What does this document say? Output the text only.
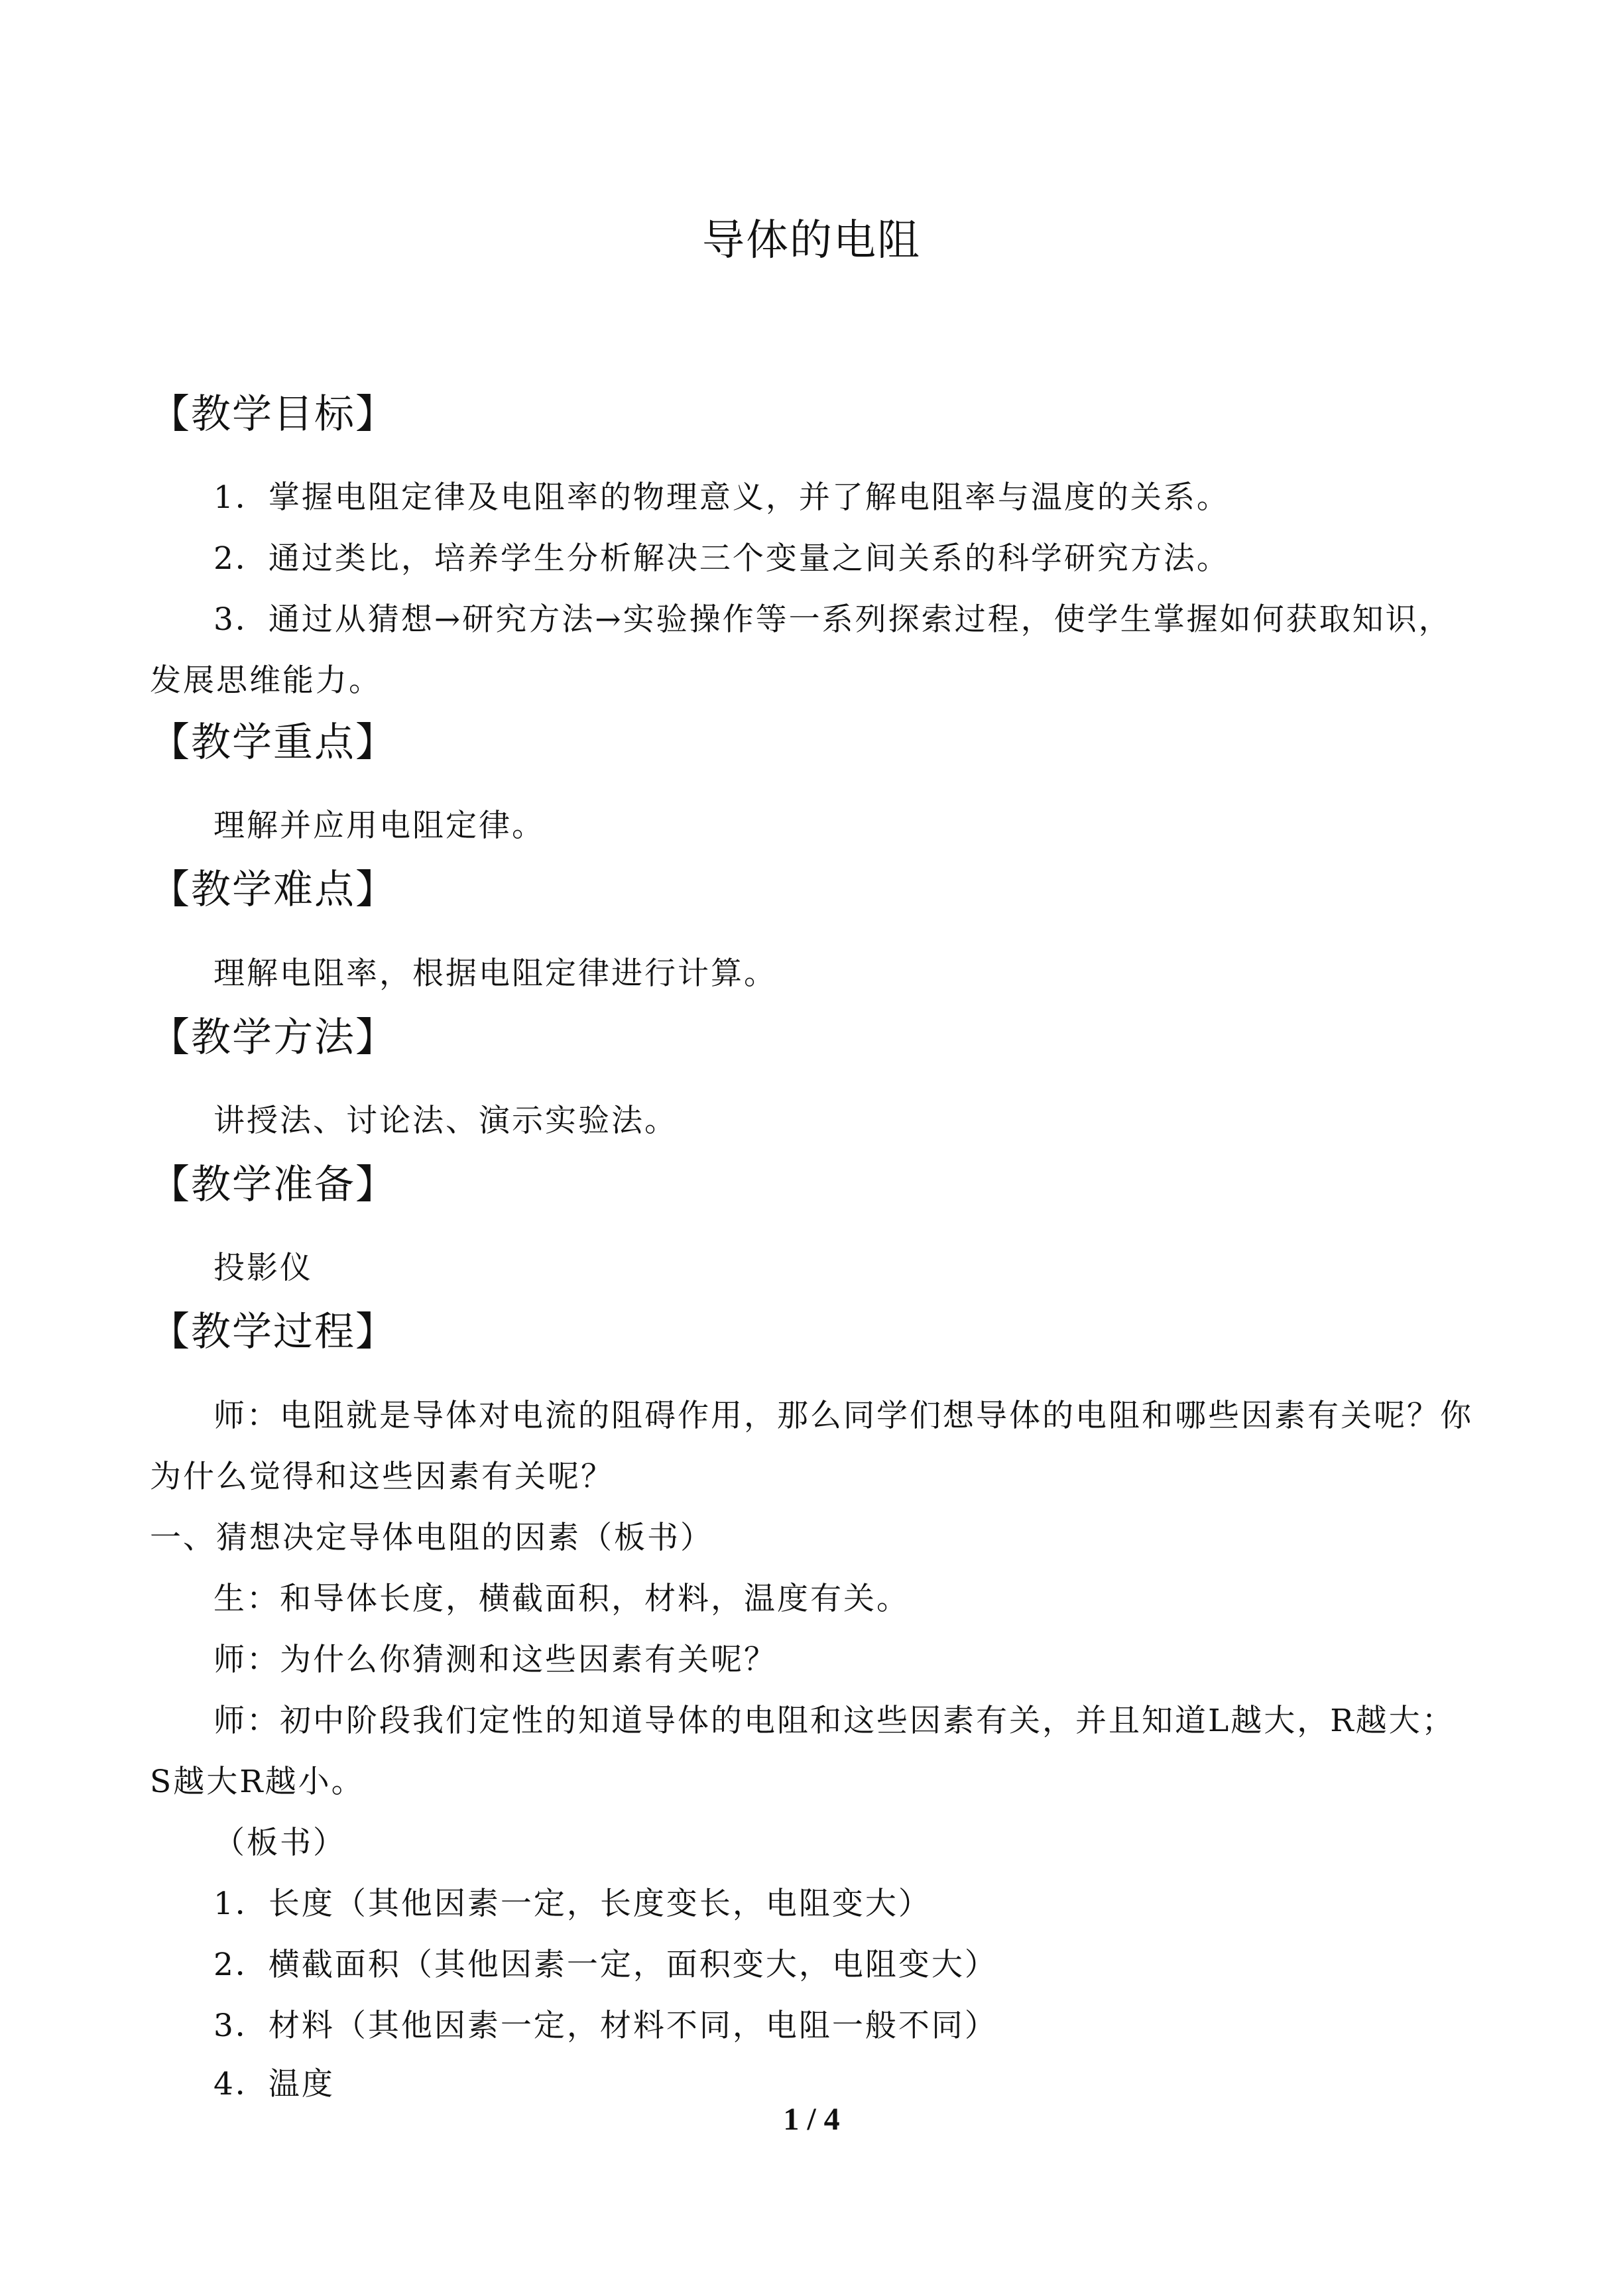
导体的电阻
【教学目标】
1．掌握电阻定律及电阻率的物理意义，并了解电阻率与温度的关系。
2．通过类比，培养学生分析解决三个变量之间关系的科学研究方法。
3．通过从猜想→研究方法→实验操作等一系列探索过程，使学生掌握如何获取知识，发展思维能力。
【教学重点】
理解并应用电阻定律。
【教学难点】
理解电阻率，根据电阻定律进行计算。
【教学方法】
讲授法、讨论法、演示实验法。
【教学准备】
投影仪
【教学过程】
师：电阻就是导体对电流的阻碍作用，那么同学们想导体的电阻和哪些因素有关呢？你为什么觉得和这些因素有关呢？
一、猜想决定导体电阻的因素（板书）
生：和导体长度，横截面积，材料，温度有关。
师：为什么你猜测和这些因素有关呢？
师：初中阶段我们定性的知道导体的电阻和这些因素有关，并且知道L越大，R越大；S越大R越小。
（板书）
1．长度（其他因素一定，长度变长，电阻变大）
2．横截面积（其他因素一定，面积变大，电阻变大）
3．材料（其他因素一定，材料不同，电阻一般不同）
4．温度
1 / 4
